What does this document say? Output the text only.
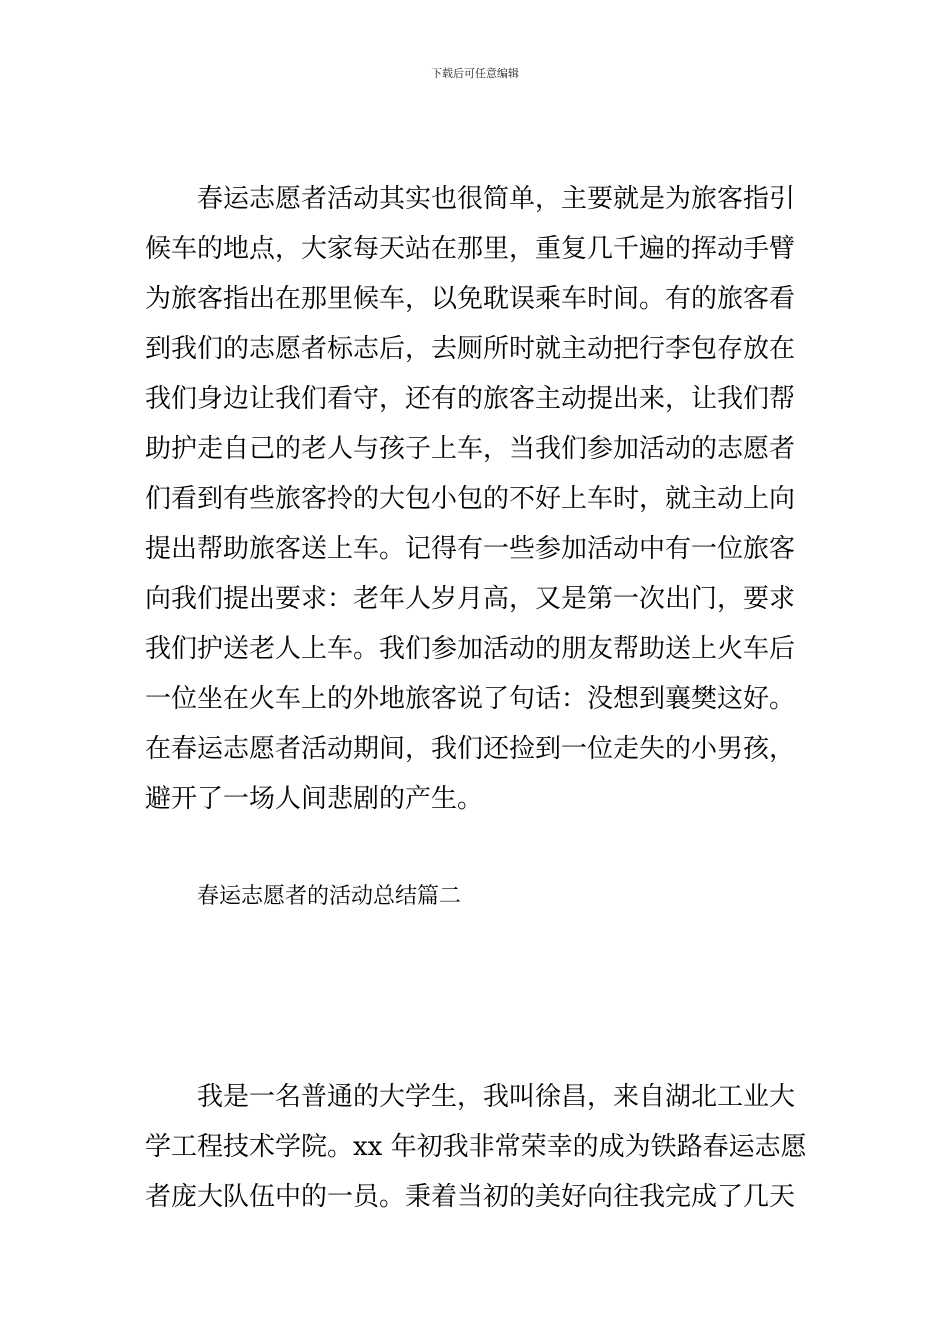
下载后可任意编辑
　　春运志愿者活动其实也很简单，主要就是为旅客指引
候车的地点，大家每天站在那里，重复几千遍的挥动手臂
为旅客指出在那里候车，以免耽误乘车时间。有的旅客看
到我们的志愿者标志后，去厕所时就主动把行李包存放在
我们身边让我们看守，还有的旅客主动提出来，让我们帮
助护走自己的老人与孩子上车，当我们参加活动的志愿者
们看到有些旅客拎的大包小包的不好上车时，就主动上向
提出帮助旅客送上车。记得有一些参加活动中有一位旅客
向我们提出要求：老年人岁月高，又是第一次出门，要求
我们护送老人上车。我们参加活动的朋友帮助送上火车后
一位坐在火车上的外地旅客说了句话：没想到襄樊这好。
在春运志愿者活动期间，我们还捡到一位走失的小男孩，
避开了一场人间悲剧的产生。
春运志愿者的活动总结篇二
　　我是一名普通的大学生，我叫徐昌，来自湖北工业大
学工程技术学院。xx 年初我非常荣幸的成为铁路春运志愿
者庞大队伍中的一员。秉着当初的美好向往我完成了几天
